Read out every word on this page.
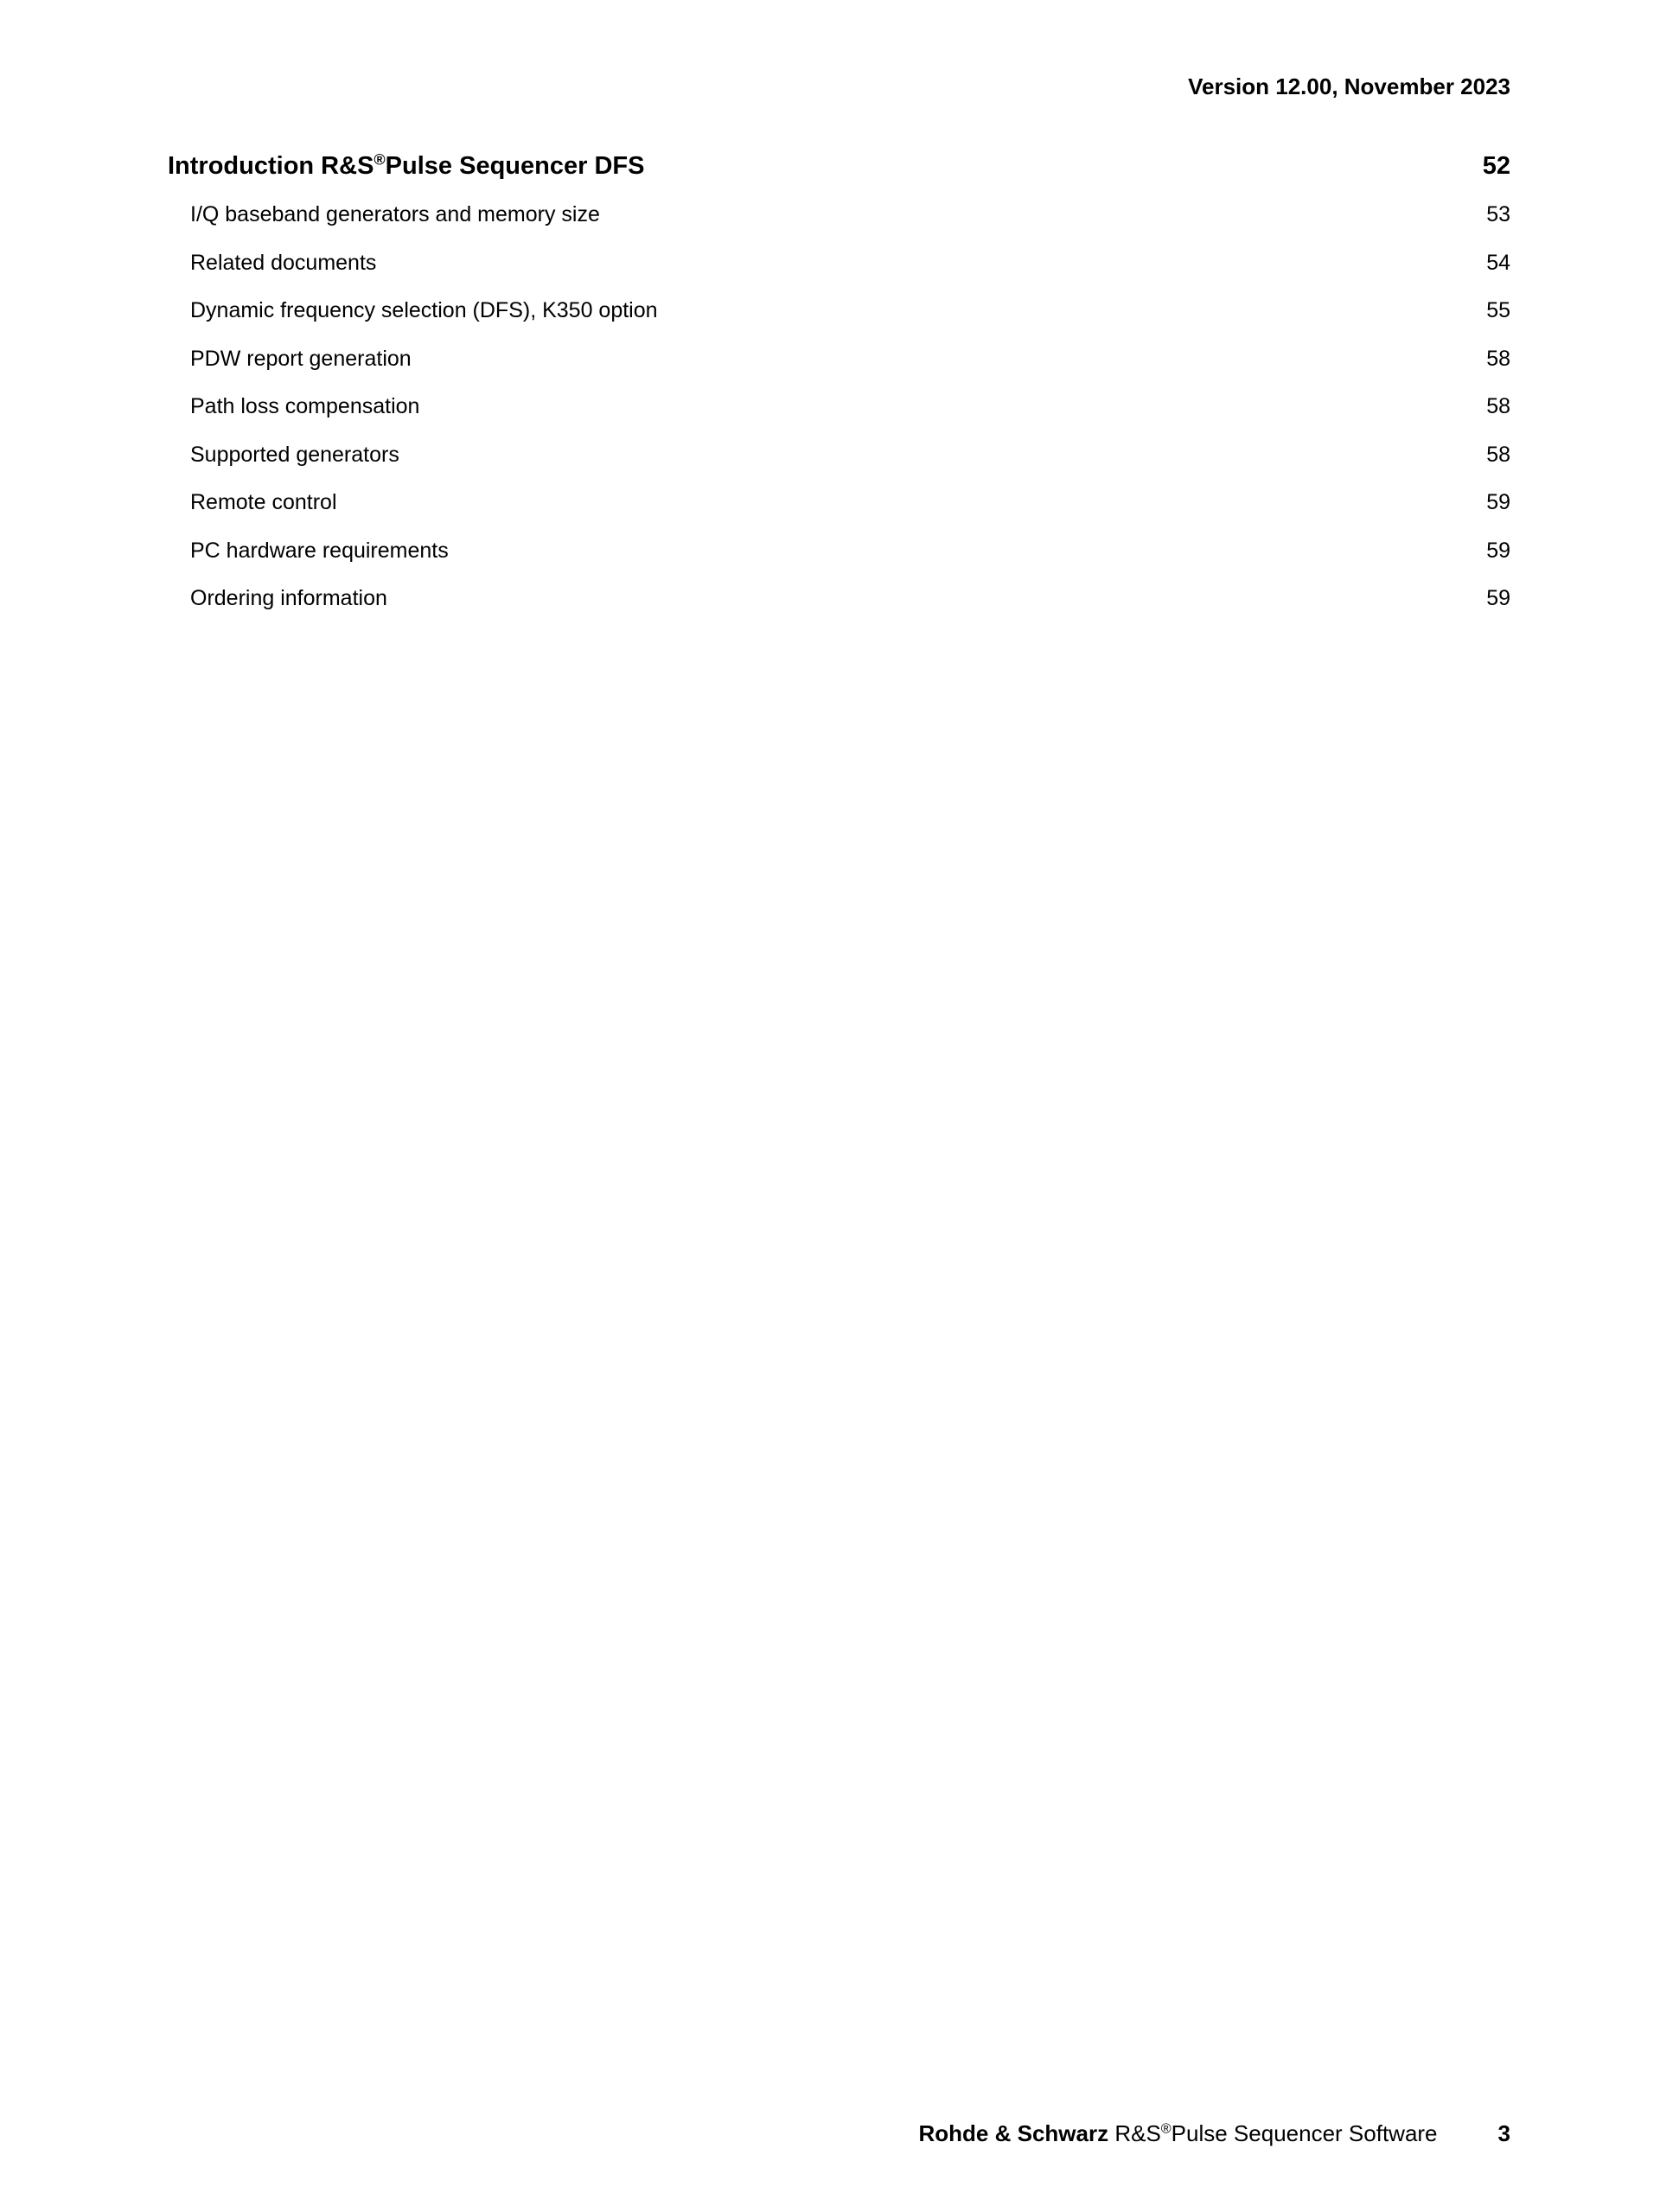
Version 12.00, November 2023
Introduction R&S®Pulse Sequencer DFS	52
I/Q baseband generators and memory size	53
Related documents	54
Dynamic frequency selection (DFS), K350 option	55
PDW report generation	58
Path loss compensation	58
Supported generators	58
Remote control	59
PC hardware requirements	59
Ordering information	59
Rohde & Schwarz R&S®Pulse Sequencer Software	3
